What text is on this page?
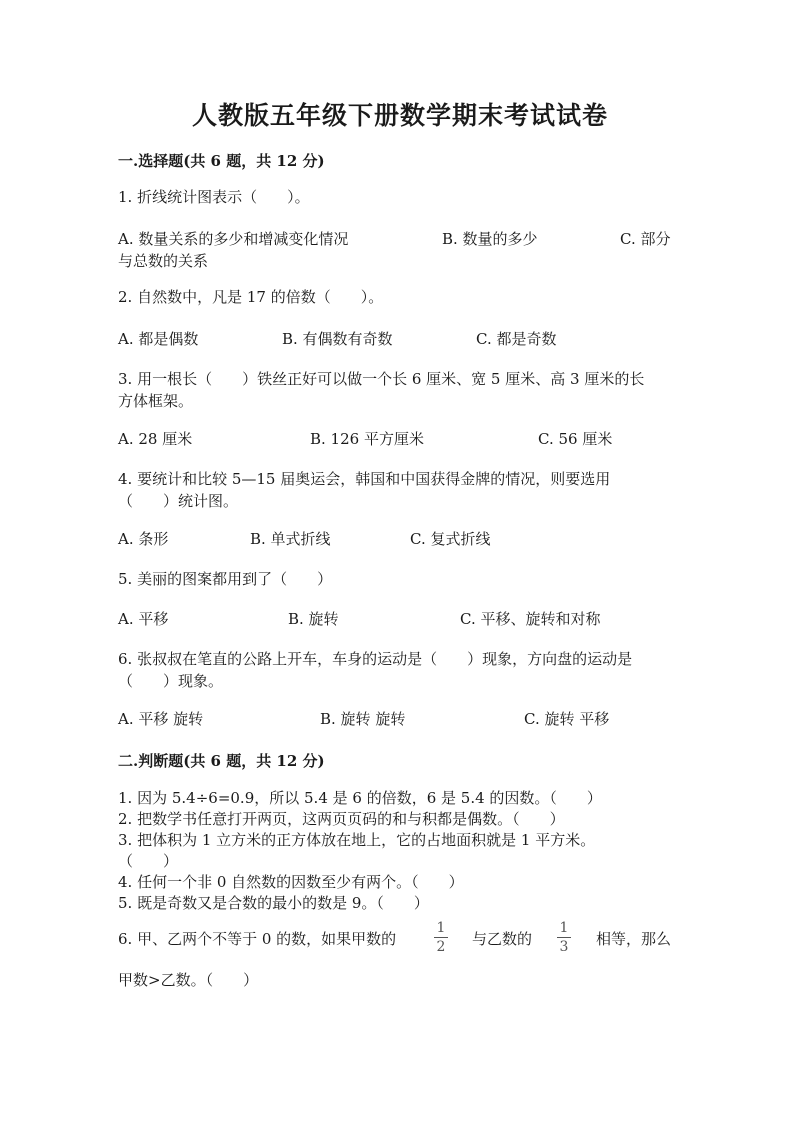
人教版五年级下册数学期末考试试卷
一.选择题(共 6 题，共 12 分)
1. 折线统计图表示（　　）。
A. 数量关系的多少和增减变化情况	B. 数量的多少	C. 部分
与总数的关系
2. 自然数中，凡是 17 的倍数（　　）。
A. 都是偶数	B. 有偶数有奇数	C. 都是奇数
3. 用一根长（　　）铁丝正好可以做一个长 6 厘米、宽 5 厘米、高 3 厘米的长
方体框架。
A. 28 厘米	B. 126 平方厘米	C. 56 厘米
4. 要统计和比较 5—15 届奥运会，韩国和中国获得金牌的情况，则要选用
（　　）统计图。
A. 条形	B. 单式折线	C. 复式折线
5. 美丽的图案都用到了（　　）
A. 平移	B. 旋转	C. 平移、旋转和对称
6. 张叔叔在笔直的公路上开车，车身的运动是（　　）现象，方向盘的运动是
（　　）现象。
A. 平移 旋转	B. 旋转 旋转	C. 旋转 平移
二.判断题(共 6 题，共 12 分)
1. 因为 5.4÷6=0.9，所以 5.4 是 6 的倍数，6 是 5.4 的因数。（　　）
2. 把数学书任意打开两页，这两页页码的和与积都是偶数。（　　）
3. 把体积为 1 立方米的正方体放在地上，它的占地面积就是 1 平方米。
（　　）
4. 任何一个非 0 自然数的因数至少有两个。（　　）
5. 既是奇数又是合数的最小的数是 9。（　　）
6. 甲、乙两个不等于 0 的数，如果甲数的
1
2 与乙数的
1
3 相等，那么
甲数>乙数。（　　）
